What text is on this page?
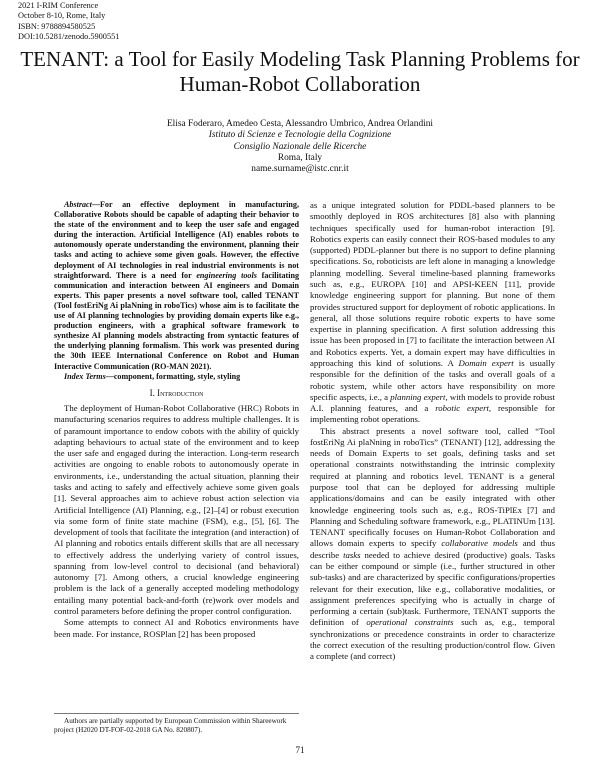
2021 I-RIM Conference
October 8-10, Rome, Italy
ISBN: 9788894580525
DOI:10.5281/zenodo.5900551
TENANT: a Tool for Easily Modeling Task Planning Problems for Human-Robot Collaboration
Elisa Foderaro, Amedeo Cesta, Alessandro Umbrico, Andrea Orlandini
Istituto di Scienze e Tecnologie della Cognizione
Consiglio Nazionale delle Ricerche
Roma, Italy
name.surname@istc.cnr.it

Abstract—For an effective deployment in manufacturing, Collaborative Robots should be capable of adapting their behavior to the state of the environment and to keep the user safe and engaged during the interaction. Artificial Intelligence (AI) enables robots to autonomously operate understanding the environment, planning their tasks and acting to achieve some given goals. However, the effective deployment of AI technologies in real industrial environments is not straightforward. There is a need for engineering tools facilitating communication and interaction between AI engineers and Domain experts. This paper presents a novel software tool, called TENANT (Tool fostEriNg Ai plaNning in roboTics) whose aim is to facilitate the use of AI planning technologies by providing domain experts like e.g., production engineers, with a graphical software framework to synthesize AI planning models abstracting from syntactic features of the underlying planning formalism. This work was presented during the 30th IEEE International Conference on Robot and Human Interactive Communication (RO-MAN 2021).

Index Terms—component, formatting, style, styling

I. Introduction

The deployment of Human-Robot Collaborative (HRC) Robots in manufacturing scenarios requires to address multiple challenges. It is of paramount importance to endow cobots with the ability of quickly adapting behaviours to actual state of the environment and to keep the user safe and engaged during the interaction. Long-term research activities are ongoing to enable robots to autonomously operate in environments, i.e., understanding the actual situation, planning their tasks and acting to safely and effectively achieve some given goals [1]. Several approaches aim to achieve robust action selection via Artificial Intelligence (AI) Planning, e.g., [2]–[4] or robust execution via some form of finite state machine (FSM), e.g., [5], [6]. The development of tools that facilitate the integration (and interaction) of AI planning and robotics entails different skills that are all necessary to effectively address the underlying variety of control issues, spanning from low-level control to decisional (and behavioral) autonomy [7]. Among others, a crucial knowledge engineering problem is the lack of a generally accepted modeling methodology entailing many potential back-and-forth (re)work over models and control parameters before defining the proper control configuration.

Some attempts to connect AI and Robotics environments have been made. For instance, ROSPlan [2] has been proposed

as a unique integrated solution for PDDL-based planners to be smoothly deployed in ROS architectures [8] also with planning techniques specifically used for human-robot interaction [9]. Robotics experts can easily connect their ROS-based modules to any (supported) PDDL-planner but there is no support to define planning specifications. So, roboticists are left alone in managing a knowledge planning modelling. Several timeline-based planning frameworks such as, e.g., EUROPA [10] and APSI-KEEN [11], provide knowledge engineering support for planning. But none of them provides structured support for deployment of robotic applications. In general, all those solutions require robotic experts to have some expertise in planning specification. A first solution addressing this issue has been proposed in [7] to facilitate the interaction between AI and Robotics experts. Yet, a domain expert may have difficulties in approaching this kind of solutions. A Domain expert is usually responsible for the definition of the tasks and overall goals of a robotic system, while other actors have responsibility on more specific aspects, i.e., a planning expert, with models to provide robust A.I. planning features, and a robotic expert, responsible for implementing robot operations.

This abstract presents a novel software tool, called “Tool fostEriNg Ai plaNning in roboTics” (TENANT) [12], addressing the needs of Domain Experts to set goals, defining tasks and set operational constraints notwithstanding the intrinsic complexity required at planning and robotics level. TENANT is a general purpose tool that can be deployed for addressing multiple applications/domains and can be easily integrated with other knowledge engineering tools such as, e.g., ROS-TiPlEx [7] and Planning and Scheduling software framework, e.g., PLATINUm [13]. TENANT specifically focuses on Human-Robot Collaboration and allows domain experts to specify collaborative models and thus describe tasks needed to achieve desired (productive) goals. Tasks can be either compound or simple (i.e., further structured in other sub-tasks) and are characterized by specific configurations/properties relevant for their execution, like e.g., collaborative modalities, or assignment preferences specifying who is actually in charge of performing a certain (sub)task. Furthermore, TENANT supports the definition of operational constraints such as, e.g., temporal synchronizations or precedence constraints in order to characterize the correct execution of the resulting production/control flow. Given a complete (and correct)

Authors are partially supported by European Commission within Shareework project (H2020 DT-FOF-02-2018 GA No. 820807).
71
